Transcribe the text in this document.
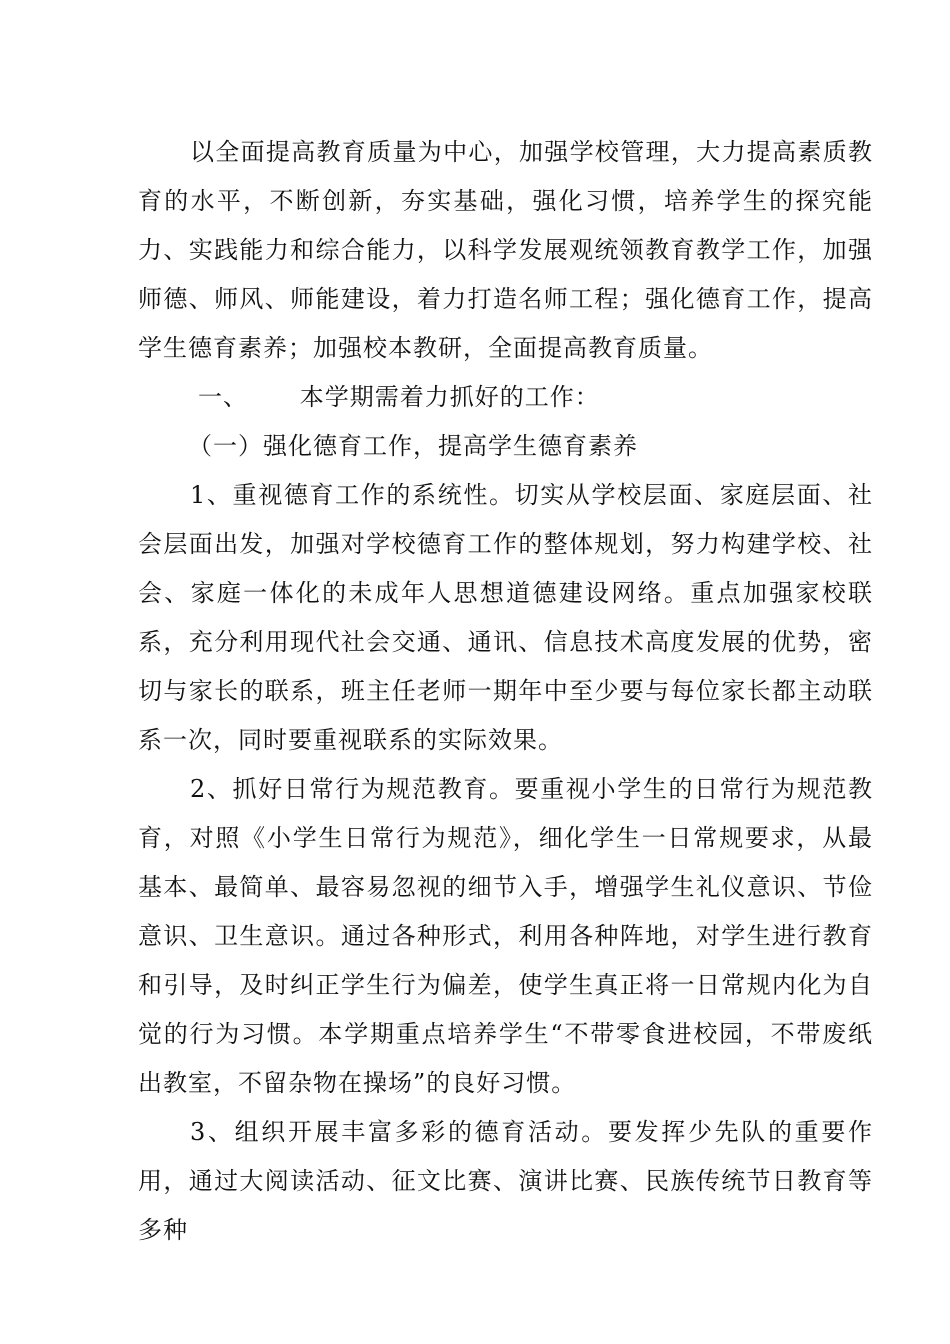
以全面提高教育质量为中心，加强学校管理，大力提高素质教育的水平，不断创新，夯实基础，强化习惯，培养学生的探究能力、实践能力和综合能力，以科学发展观统领教育教学工作，加强师德、师风、师能建设，着力打造名师工程；强化德育工作，提高学生德育素养；加强校本教研，全面提高教育质量。

一、 本学期需着力抓好的工作：

（一）强化德育工作，提高学生德育素养

1、重视德育工作的系统性。切实从学校层面、家庭层面、社会层面出发，加强对学校德育工作的整体规划，努力构建学校、社会、家庭一体化的未成年人思想道德建设网络。重点加强家校联系，充分利用现代社会交通、通讯、信息技术高度发展的优势，密切与家长的联系，班主任老师一期年中至少要与每位家长都主动联系一次，同时要重视联系的实际效果。

2、抓好日常行为规范教育。要重视小学生的日常行为规范教育，对照《小学生日常行为规范》，细化学生一日常规要求，从最基本、最简单、最容易忽视的细节入手，增强学生礼仪意识、节俭意识、卫生意识。通过各种形式，利用各种阵地，对学生进行教育和引导，及时纠正学生行为偏差，使学生真正将一日常规内化为自觉的行为习惯。本学期重点培养学生“不带零食进校园，不带废纸出教室，不留杂物在操场”的良好习惯。

3、组织开展丰富多彩的德育活动。要发挥少先队的重要作用，通过大阅读活动、征文比赛、演讲比赛、民族传统节日教育等多种
